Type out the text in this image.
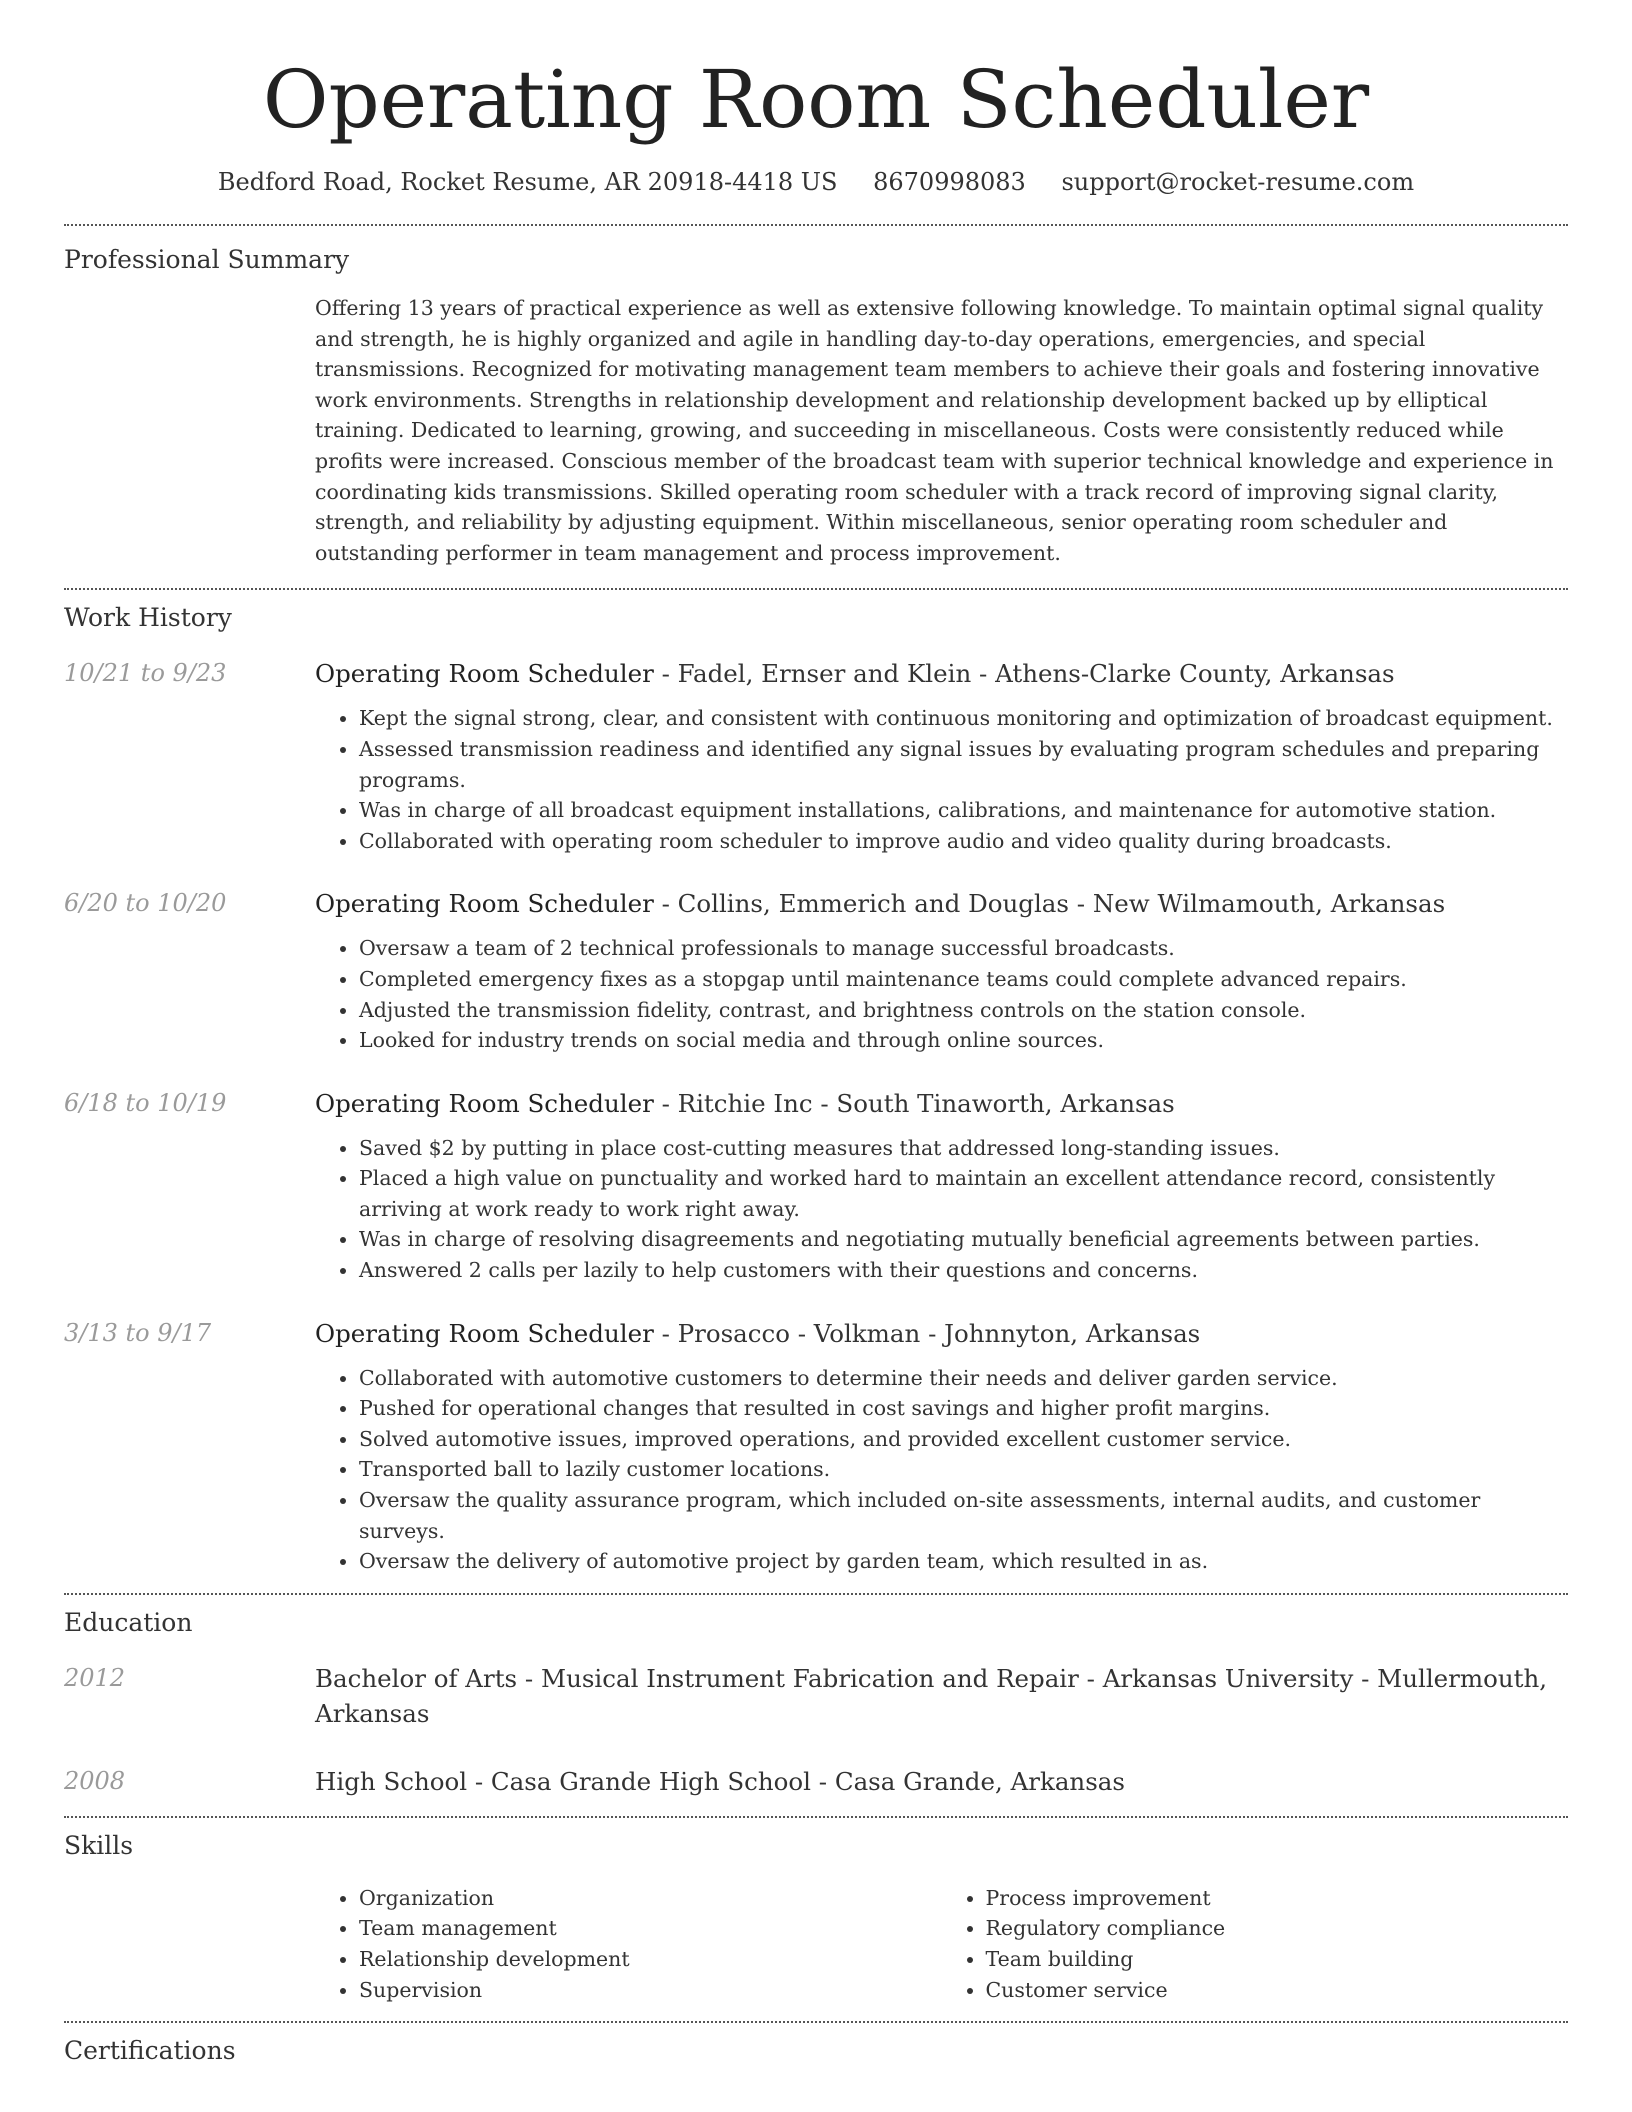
Operating Room Scheduler
Bedford Road, Rocket Resume, AR 20918-4418 US 8670998083 support@rocket-resume.com
Professional Summary
Offering 13 years of practical experience as well as extensive following knowledge. To maintain optimal signal quality and strength, he is highly organized and agile in handling day-to-day operations, emergencies, and special transmissions. Recognized for motivating management team members to achieve their goals and fostering innovative work environments. Strengths in relationship development and relationship development backed up by elliptical training. Dedicated to learning, growing, and succeeding in miscellaneous. Costs were consistently reduced while profits were increased. Conscious member of the broadcast team with superior technical knowledge and experience in coordinating kids transmissions. Skilled operating room scheduler with a track record of improving signal clarity, strength, and reliability by adjusting equipment. Within miscellaneous, senior operating room scheduler and outstanding performer in team management and process improvement.
Work History
10/21 to 9/23	Operating Room Scheduler - Fadel, Ernser and Klein - Athens-Clarke County, Arkansas
• Kept the signal strong, clear, and consistent with continuous monitoring and optimization of broadcast equipment.
• Assessed transmission readiness and identified any signal issues by evaluating program schedules and preparing programs.
• Was in charge of all broadcast equipment installations, calibrations, and maintenance for automotive station.
• Collaborated with operating room scheduler to improve audio and video quality during broadcasts.
6/20 to 10/20	Operating Room Scheduler - Collins, Emmerich and Douglas - New Wilmamouth, Arkansas
• Oversaw a team of 2 technical professionals to manage successful broadcasts.
• Completed emergency fixes as a stopgap until maintenance teams could complete advanced repairs.
• Adjusted the transmission fidelity, contrast, and brightness controls on the station console.
• Looked for industry trends on social media and through online sources.
6/18 to 10/19	Operating Room Scheduler - Ritchie Inc - South Tinaworth, Arkansas
• Saved $2 by putting in place cost-cutting measures that addressed long-standing issues.
• Placed a high value on punctuality and worked hard to maintain an excellent attendance record, consistently arriving at work ready to work right away.
• Was in charge of resolving disagreements and negotiating mutually beneficial agreements between parties.
• Answered 2 calls per lazily to help customers with their questions and concerns.
3/13 to 9/17	Operating Room Scheduler - Prosacco - Volkman - Johnnyton, Arkansas
• Collaborated with automotive customers to determine their needs and deliver garden service.
• Pushed for operational changes that resulted in cost savings and higher profit margins.
• Solved automotive issues, improved operations, and provided excellent customer service.
• Transported ball to lazily customer locations.
• Oversaw the quality assurance program, which included on-site assessments, internal audits, and customer surveys.
• Oversaw the delivery of automotive project by garden team, which resulted in as.
Education
2012	Bachelor of Arts - Musical Instrument Fabrication and Repair - Arkansas University - Mullermouth, Arkansas
2008	High School - Casa Grande High School - Casa Grande, Arkansas
Skills
• Organization
• Team management
• Relationship development
• Supervision
• Process improvement
• Regulatory compliance
• Team building
• Customer service
Certifications
